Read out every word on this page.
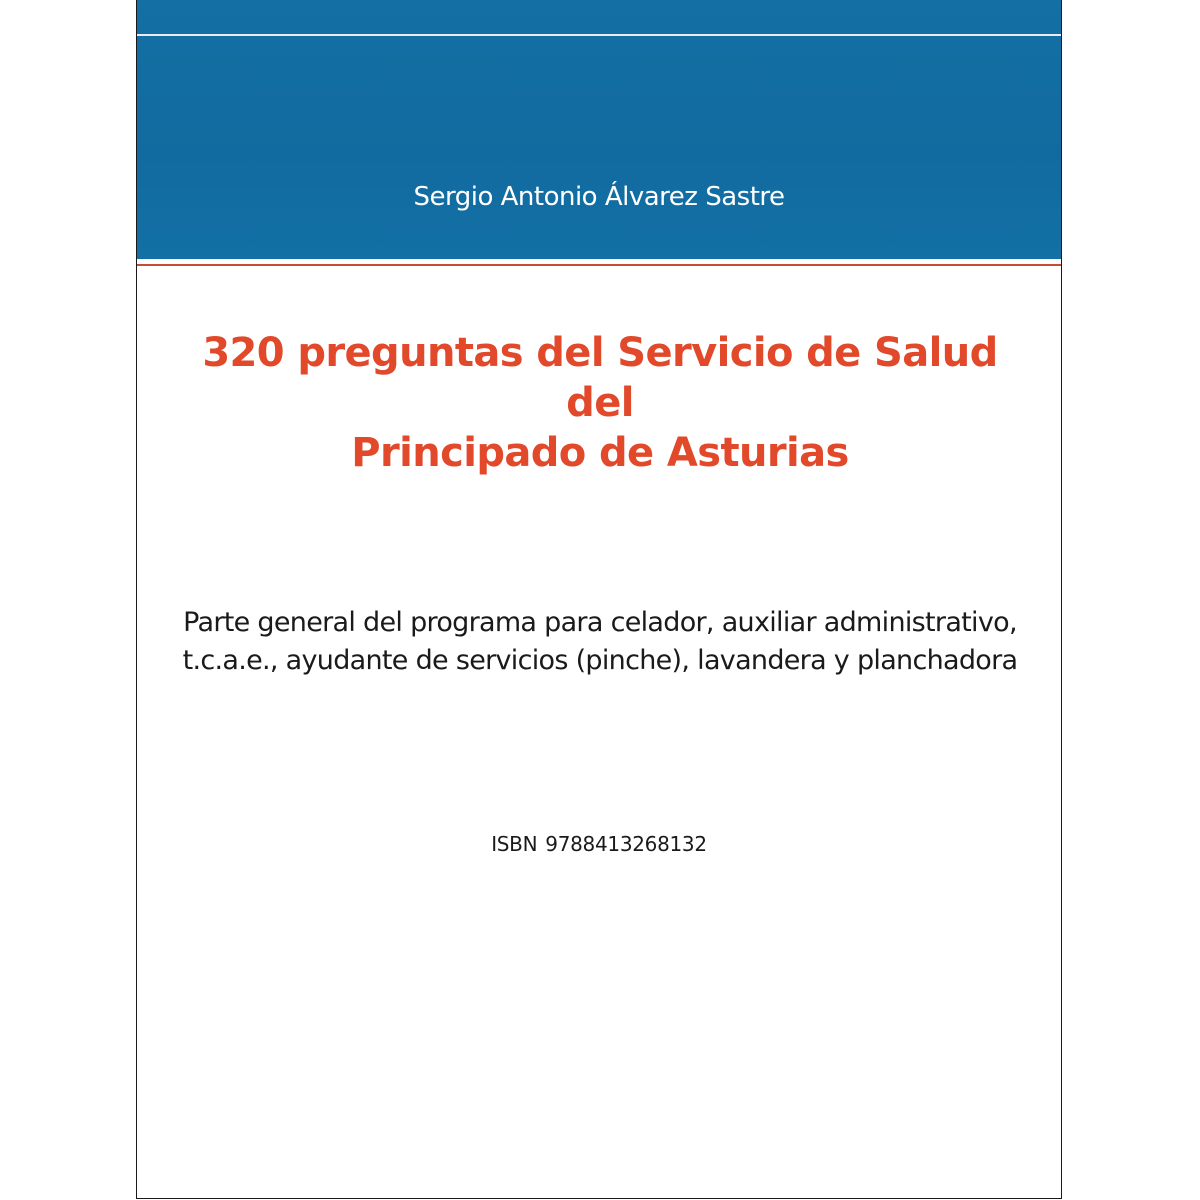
Sergio Antonio Álvarez Sastre
320 preguntas del Servicio de Salud del
Principado de Asturias
Parte general del programa para celador, auxiliar administrativo,
t.c.a.e., ayudante de servicios (pinche), lavandera y planchadora
ISBN 9788413268132
